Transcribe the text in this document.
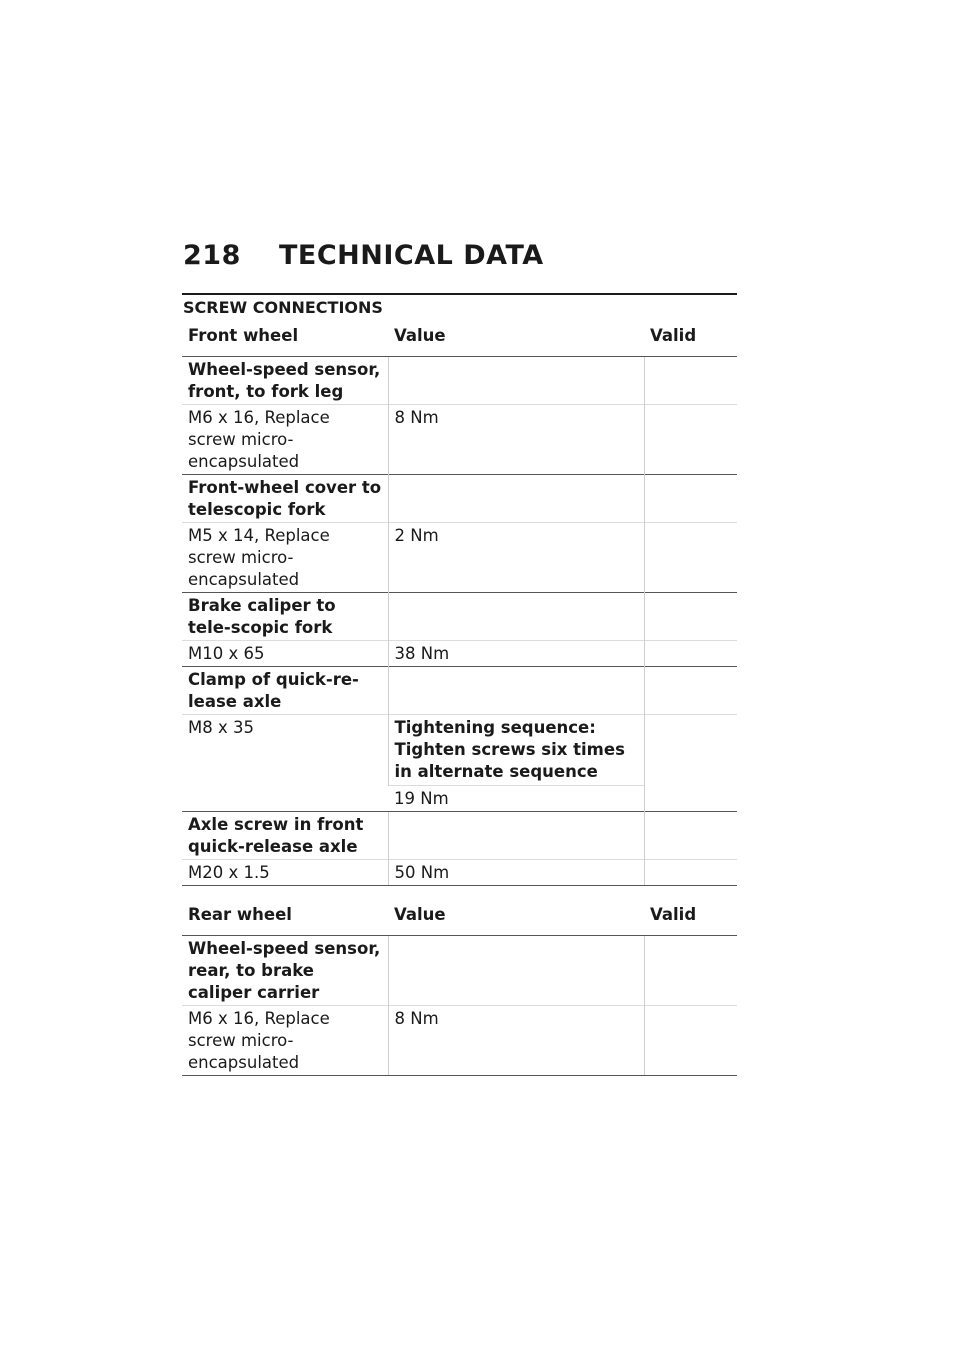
218 TECHNICAL DATA
SCREW CONNECTIONS
Front wheel	Value	Valid
Wheel-speed sensor, front, to fork leg		
M6 x 16, Replace screw micro-encapsulated	8 Nm	
Front-wheel cover to telescopic fork		
M5 x 14, Replace screw micro-encapsulated	2 Nm	
Brake caliper to tele-scopic fork		
M10 x 65	38 Nm	
Clamp of quick-re-lease axle		
M8 x 35	Tightening sequence: Tighten screws six times in alternate sequence	
	19 Nm	
Axle screw in front quick-release axle		
M20 x 1.5	50 Nm	
Rear wheel	Value	Valid
Wheel-speed sensor, rear, to brake caliper carrier		
M6 x 16, Replace screw micro-encapsulated	8 Nm	
